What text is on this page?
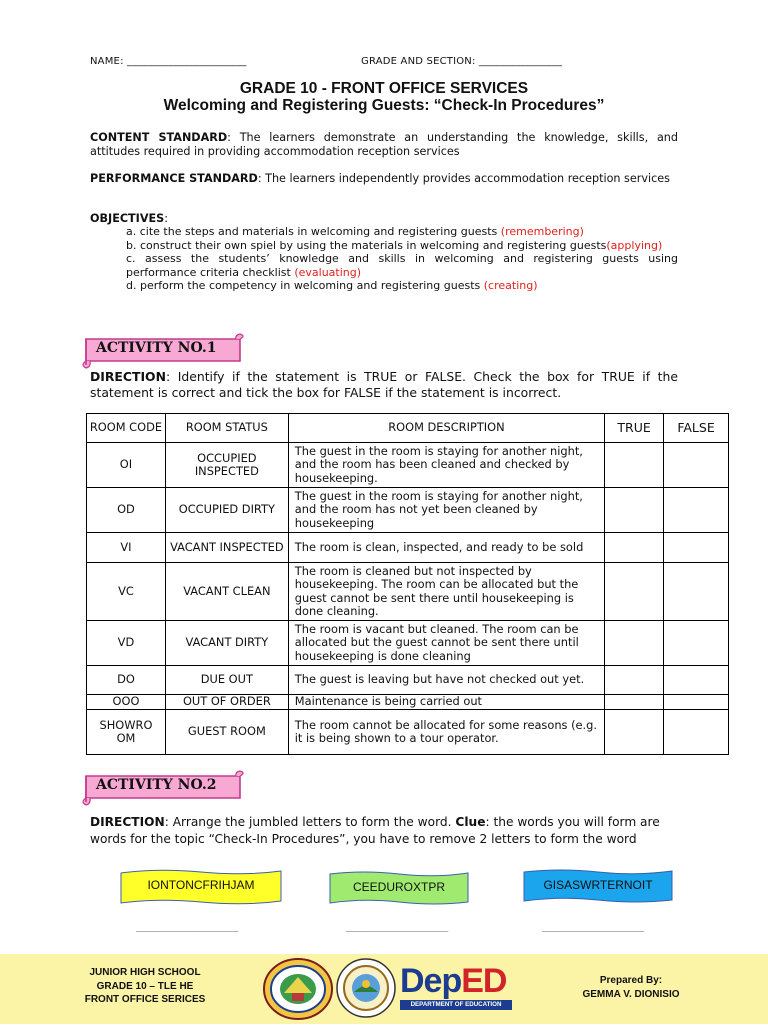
NAME: _______________________	GRADE AND SECTION: ________________
GRADE 10 - FRONT OFFICE SERVICES
Welcoming and Registering Guests: “Check-In Procedures”
CONTENT STANDARD: The learners demonstrate an understanding the knowledge, skills, and attitudes required in providing accommodation reception services
PERFORMANCE STANDARD: The learners independently provides accommodation reception services
OBJECTIVES:
a. cite the steps and materials in welcoming and registering guests (remembering)
b. construct their own spiel by using the materials in welcoming and registering guests(applying)
c. assess the students’ knowledge and skills in welcoming and registering guests using performance criteria checklist (evaluating)
d. perform the competency in welcoming and registering guests (creating)
ACTIVITY NO.1
DIRECTION: Identify if the statement is TRUE or FALSE. Check the box for TRUE if the statement is correct and tick the box for FALSE if the statement is incorrect.
ROOM CODE	ROOM STATUS	ROOM DESCRIPTION	TRUE	FALSE
OI	OCCUPIED INSPECTED	The guest in the room is staying for another night, and the room has been cleaned and checked by housekeeping.		
OD	OCCUPIED DIRTY	The guest in the room is staying for another night, and the room has not yet been cleaned by housekeeping		
VI	VACANT INSPECTED	The room is clean, inspected, and ready to be sold		
VC	VACANT CLEAN	The room is cleaned but not inspected by housekeeping. The room can be allocated but the guest cannot be sent there until housekeeping is done cleaning.		
VD	VACANT DIRTY	The room is vacant but cleaned. The room can be allocated but the guest cannot be sent there until housekeeping is done cleaning		
DO	DUE OUT	The guest is leaving but have not checked out yet.		
OOO	OUT OF ORDER	Maintenance is being carried out		
SHOWRO OM	GUEST ROOM	The room cannot be allocated for some reasons (e.g. it is being shown to a tour operator.		
ACTIVITY NO.2
DIRECTION: Arrange the jumbled letters to form the word. Clue: the words you will form are words for the topic “Check-In Procedures”, you have to remove 2 letters to form the word
IONTONCFRIHJAM	CEEDUROXTPR	GISASWRTERNOIT
_________________	_________________	_________________
JUNIOR HIGH SCHOOL
GRADE 10 – TLE HE
FRONT OFFICE SERICES	DepED
DEPARTMENT OF EDUCATION
Prepared By:
GEMMA V. DIONISIO
